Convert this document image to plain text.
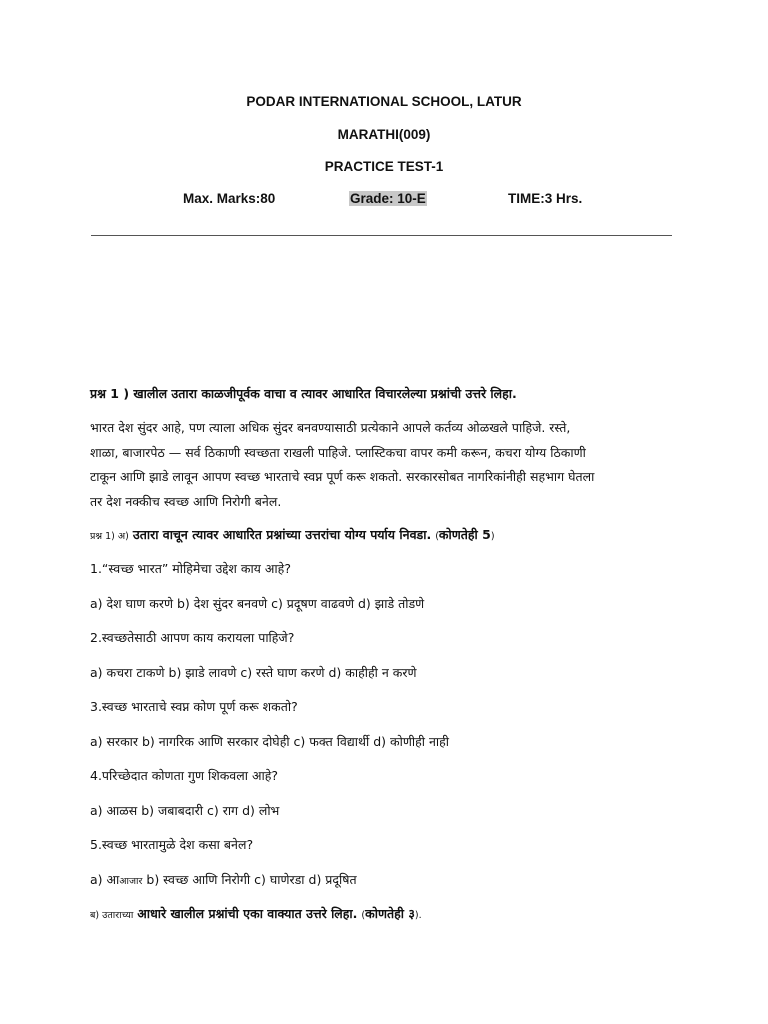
PODAR INTERNATIONAL SCHOOL, LATUR
MARATHI(009)
PRACTICE TEST-1
Max. Marks:80	Grade: 10-E	TIME:3 Hrs.
प्रश्न 1 ) खालील उतारा काळजीपूर्वक वाचा व त्यावर आधारित विचारलेल्या प्रश्नांची उत्तरे लिहा.
भारत देश सुंदर आहे, पण त्याला अधिक सुंदर बनवण्यासाठी प्रत्येकाने आपले कर्तव्य ओळखले पाहिजे. रस्ते,
शाळा, बाजारपेठ — सर्व ठिकाणी स्वच्छता राखली पाहिजे. प्लास्टिकचा वापर कमी करून, कचरा योग्य ठिकाणी
टाकून आणि झाडे लावून आपण स्वच्छ भारताचे स्वप्न पूर्ण करू शकतो. सरकारसोबत नागरिकांनीही सहभाग घेतला
तर देश नक्कीच स्वच्छ आणि निरोगी बनेल.
प्रश्न 1) अ) उतारा वाचून त्यावर आधारित प्रश्नांच्या उत्तरांचा योग्य पर्याय निवडा. (कोणतेही 5)
1.“स्वच्छ भारत” मोहिमेचा उद्देश काय आहे?
a) देश घाण करणे b) देश सुंदर बनवणे c) प्रदूषण वाढवणे d) झाडे तोडणे
2.स्वच्छतेसाठी आपण काय करायला पाहिजे?
a) कचरा टाकणे b) झाडे लावणे c) रस्ते घाण करणे d) काहीही न करणे
3.स्वच्छ भारताचे स्वप्न कोण पूर्ण करू शकतो?
a) सरकार b) नागरिक आणि सरकार दोघेही c) फक्त विद्यार्थी d) कोणीही नाही
4.परिच्छेदात कोणता गुण शिकवला आहे?
a) आळस b) जबाबदारी c) राग d) लोभ
5.स्वच्छ भारतामुळे देश कसा बनेल?
a) आआजार b) स्वच्छ आणि निरोगी c) घाणेरडा d) प्रदूषित
ब) उताराच्या आधारे खालील प्रश्नांची एका वाक्यात उत्तरे लिहा. (कोणतेही ३).
